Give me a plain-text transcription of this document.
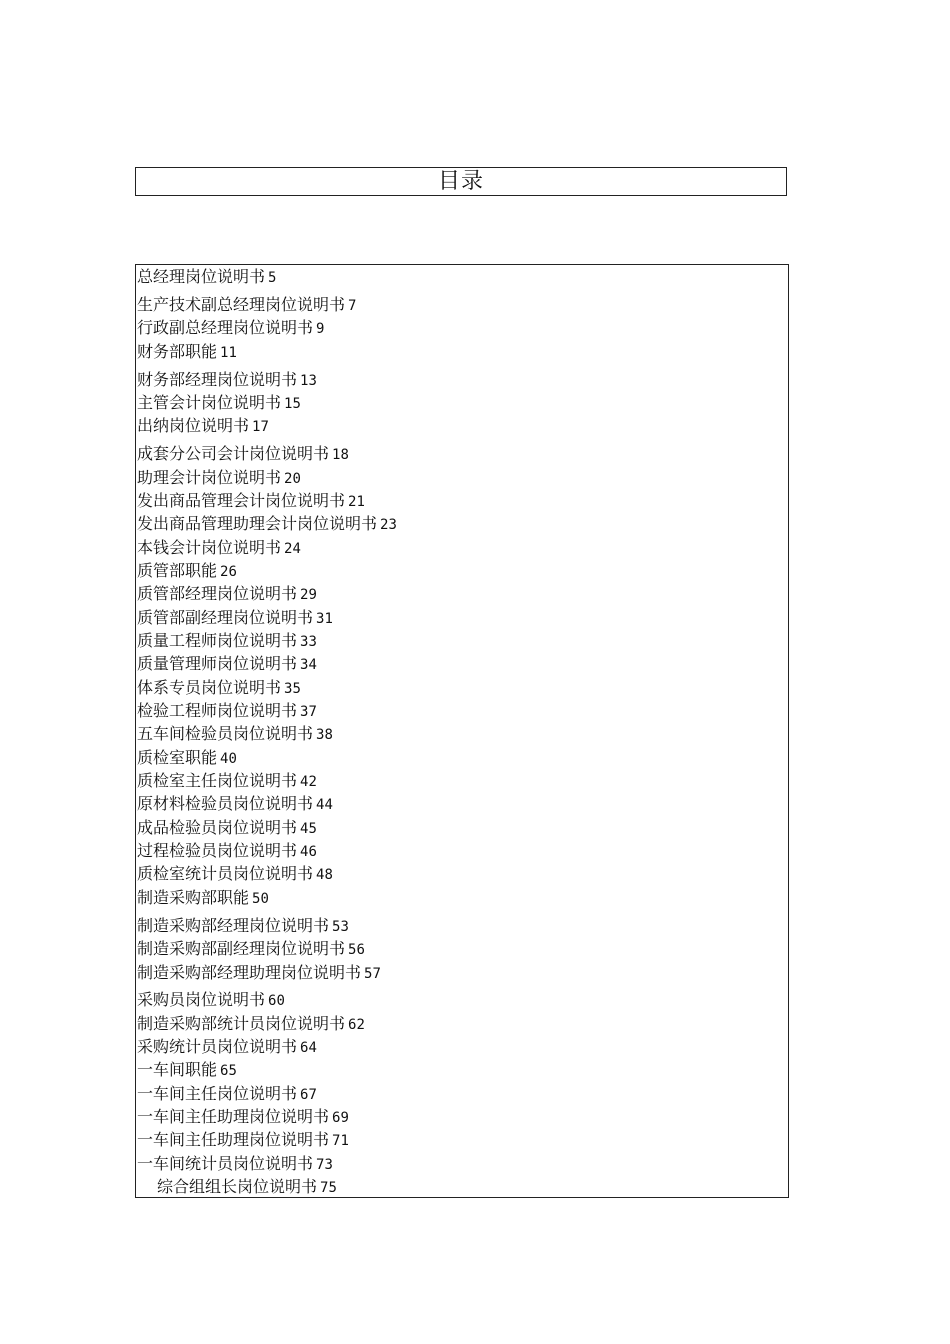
目录
总经理岗位说明书 5
生产技术副总经理岗位说明书 7
行政副总经理岗位说明书 9
财务部职能 11
财务部经理岗位说明书 13
主管会计岗位说明书 15
出纳岗位说明书 17
成套分公司会计岗位说明书 18
助理会计岗位说明书 20
发出商品管理会计岗位说明书 21
发出商品管理助理会计岗位说明书 23
本钱会计岗位说明书 24
质管部职能 26
质管部经理岗位说明书 29
质管部副经理岗位说明书 31
质量工程师岗位说明书 33
质量管理师岗位说明书 34
体系专员岗位说明书 35
检验工程师岗位说明书 37
五车间检验员岗位说明书 38
质检室职能 40
质检室主任岗位说明书 42
原材料检验员岗位说明书 44
成品检验员岗位说明书 45
过程检验员岗位说明书 46
质检室统计员岗位说明书 48
制造采购部职能 50
制造采购部经理岗位说明书 53
制造采购部副经理岗位说明书 56
制造采购部经理助理岗位说明书 57
采购员岗位说明书 60
制造采购部统计员岗位说明书 62
采购统计员岗位说明书 64
一车间职能 65
一车间主任岗位说明书 67
一车间主任助理岗位说明书 69
一车间主任助理岗位说明书 71
一车间统计员岗位说明书 73
综合组组长岗位说明书 75
